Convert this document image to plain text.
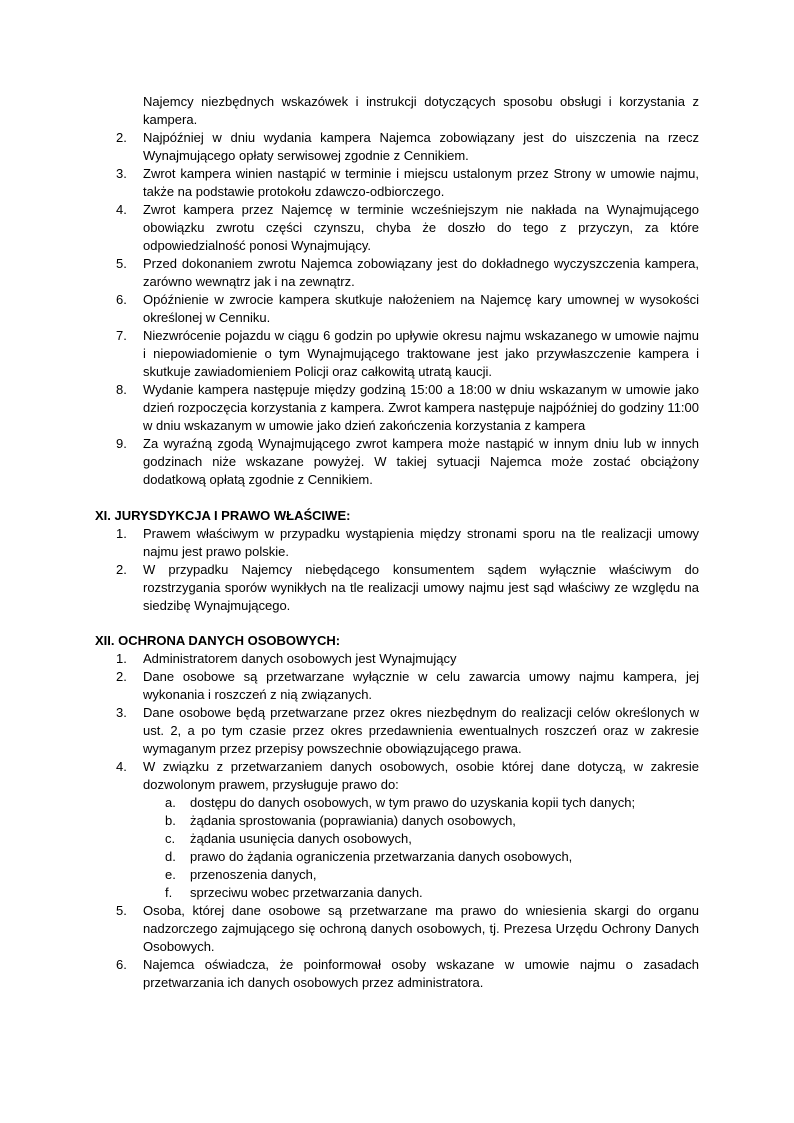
Najemcy niezbędnych wskazówek i instrukcji dotyczących sposobu obsługi i korzystania z kampera.
2.	Najpóźniej w dniu wydania kampera Najemca zobowiązany jest do uiszczenia na rzecz Wynajmującego opłaty serwisowej zgodnie z Cennikiem.
3.	Zwrot kampera winien nastąpić w terminie i miejscu ustalonym przez Strony w umowie najmu, także na podstawie protokołu zdawczo-odbiorczego.
4.	Zwrot kampera przez Najemcę w terminie wcześniejszym nie nakłada na Wynajmującego obowiązku zwrotu części czynszu, chyba że doszło do tego z przyczyn, za które odpowiedzialność ponosi Wynajmujący.
5.	Przed dokonaniem zwrotu Najemca zobowiązany jest do dokładnego wyczyszczenia kampera, zarówno wewnątrz jak i na zewnątrz.
6.	Opóźnienie w zwrocie kampera skutkuje nałożeniem na Najemcę kary umownej w wysokości określonej w Cenniku.
7.	Niezwrócenie pojazdu w ciągu 6 godzin po upływie okresu najmu wskazanego w umowie najmu i niepowiadomienie o tym Wynajmującego traktowane jest jako przywłaszczenie kampera i skutkuje zawiadomieniem Policji oraz całkowitą utratą kaucji.
8.	Wydanie kampera następuje między godziną 15:00 a 18:00 w dniu wskazanym w umowie jako dzień rozpoczęcia korzystania z kampera. Zwrot kampera następuje najpóźniej do godziny 11:00 w dniu wskazanym w umowie jako dzień zakończenia korzystania z kampera
9.	Za wyraźną zgodą Wynajmującego zwrot kampera może nastąpić w innym dniu lub w innych godzinach niże wskazane powyżej. W takiej sytuacji Najemca może zostać obciążony dodatkową opłatą zgodnie z Cennikiem.
XI. JURYSDYKCJA I PRAWO WŁAŚCIWE:
1.	Prawem właściwym w przypadku wystąpienia między stronami sporu na tle realizacji umowy najmu jest prawo polskie.
2.	W przypadku Najemcy niebędącego konsumentem sądem wyłącznie właściwym do rozstrzygania sporów wynikłych na tle realizacji umowy najmu jest sąd właściwy ze względu na siedzibę Wynajmującego.
XII. OCHRONA DANYCH OSOBOWYCH:
1.	Administratorem danych osobowych jest Wynajmujący
2.	Dane osobowe są przetwarzane wyłącznie w celu zawarcia umowy najmu kampera, jej wykonania i roszczeń z nią związanych.
3.	Dane osobowe będą przetwarzane przez okres niezbędnym do realizacji celów określonych w ust. 2, a po tym czasie przez okres przedawnienia ewentualnych roszczeń oraz w zakresie wymaganym przez przepisy powszechnie obowiązującego prawa.
4.	W związku z przetwarzaniem danych osobowych, osobie której dane dotyczą, w zakresie dozwolonym prawem, przysługuje prawo do:
a. dostępu do danych osobowych, w tym prawo do uzyskania kopii tych danych;
b. żądania sprostowania (poprawiania) danych osobowych,
c. żądania usunięcia danych osobowych,
d. prawo do żądania ograniczenia przetwarzania danych osobowych,
e. przenoszenia danych,
f. sprzeciwu wobec przetwarzania danych.
5.	Osoba, której dane osobowe są przetwarzane ma prawo do wniesienia skargi do organu nadzorczego zajmującego się ochroną danych osobowych, tj. Prezesa Urzędu Ochrony Danych Osobowych.
6.	Najemca oświadcza, że poinformował osoby wskazane w umowie najmu o zasadach przetwarzania ich danych osobowych przez administratora.
